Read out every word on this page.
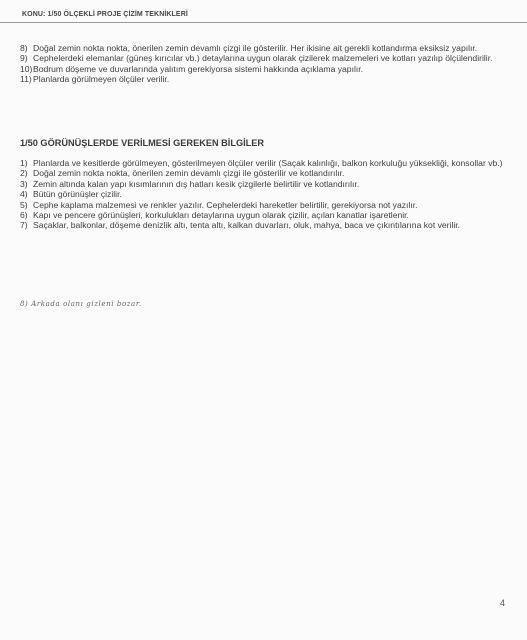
KONU: 1/50 ÖLÇEKLİ PROJE ÇİZİM TEKNİKLERİ
8) Doğal zemin nokta nokta, önerilen zemin devamlı çizgi ile gösterilir. Her ikisine ait gerekli kotlandırma eksiksiz yapılır.
9) Cephelerdeki elemanlar (güneş kırıcılar vb.) detaylarına uygun olarak çizilerek malzemeleri ve kotları yazılıp ölçülendirilir.
10) Bodrum döşeme ve duvarlarında yalıtım gerekiyorsa sistemi hakkında açıklama yapılır.
11) Planlarda görülmeyen ölçüler verilir.
1/50 GÖRÜNÜŞLERDE VERİLMESİ GEREKEN BİLGİLER
1) Planlarda ve kesitlerde görülmeyen, gösterilmeyen ölçüler verilir (Saçak kalınlığı, balkon korkuluğu yüksekliği, konsollar vb.)
2) Doğal zemin nokta nokta, önerilen zemin devamlı çizgi ile gösterilir ve kotlandırılır.
3) Zemin altında kalan yapı kısımlarının dış hatları kesik çizgilerle belirtilir ve kotlandırılır.
4) Bütün görünüşler çizilir.
5) Cephe kaplama malzemesi ve renkler yazılır. Cephelerdeki hareketler belirtilir, gerekiyorsa not yazılır.
6) Kapı ve pencere görünüşleri, korkulukları detaylarına uygun olarak çizilir, açılan kanatlar işaretlenir.
7) Saçaklar, balkonlar, döşeme denizlik altı, tenta altı, kalkan duvarları, oluk, mahya, baca ve çıkıntılarına kot verilir.
8) Arkada olanı gizleni bozar.
4
